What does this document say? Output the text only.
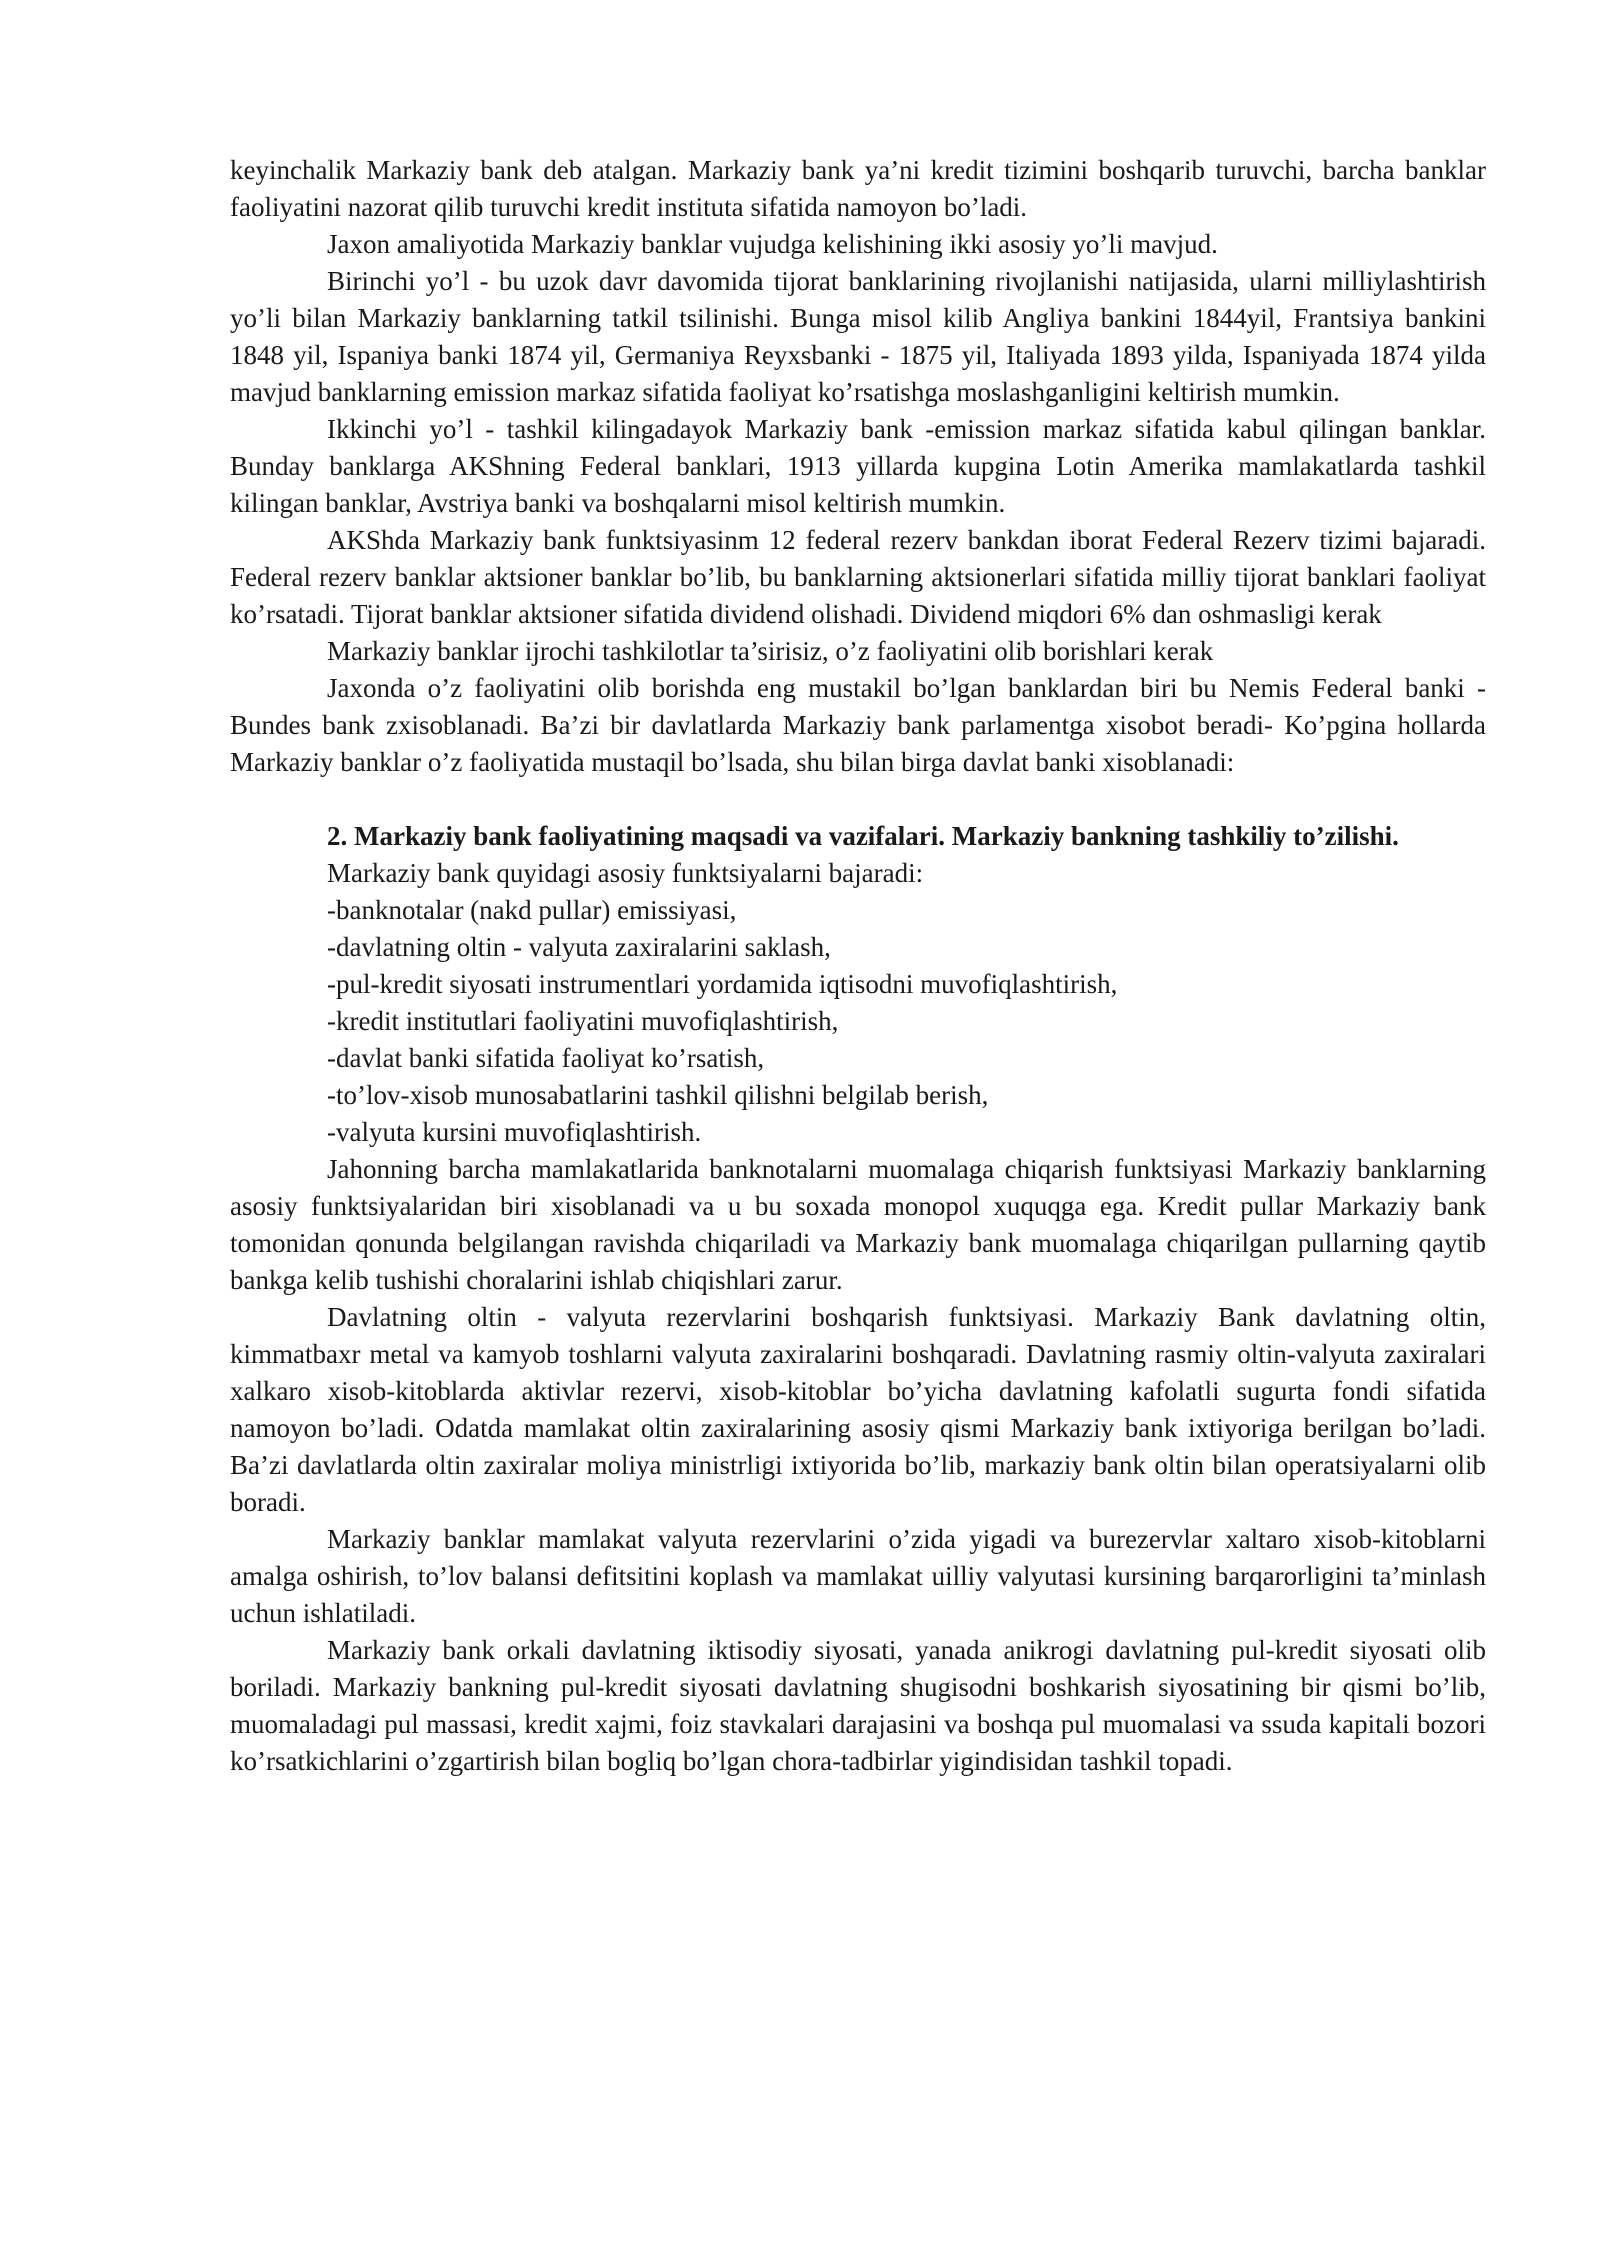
keyinchalik Markaziy bank deb atalgan. Markaziy bank ya’ni kredit tizimini boshqarib turuvchi, barcha banklar faoliyatini nazorat qilib turuvchi kredit instituta sifatida namoyon bo’ladi.

Jaxon amaliyotida Markaziy banklar vujudga kelishining ikki asosiy yo’li mavjud.

Birinchi yo’l - bu uzok davr davomida tijorat banklarining rivojlanishi natijasida, ularni milliylashtirish yo’li bilan Markaziy banklarning tatkil tsilinishi. Bunga misol kilib Angliya bankini 1844yil, Frantsiya bankini 1848 yil, Ispaniya banki 1874 yil, Germaniya Reyxsbanki - 1875 yil, Italiyada 1893 yilda, Ispaniyada 1874 yilda mavjud banklarning emission markaz sifatida faoliyat ko’rsatishga moslashganligini keltirish mumkin.

Ikkinchi yo’l - tashkil kilingadayok Markaziy bank -emission markaz sifatida kabul qilingan banklar. Bunday banklarga AKShning Federal banklari, 1913 yillarda kupgina Lotin Amerika mamlakatlarda tashkil kilingan banklar, Avstriya banki va boshqalarni misol keltirish mumkin.

AKShda Markaziy bank funktsiyasinm 12 federal rezerv bankdan iborat Federal Rezerv tizimi bajaradi. Federal rezerv banklar aktsioner banklar bo’lib, bu banklarning aktsionerlari sifatida milliy tijorat banklari faoliyat ko’rsatadi. Tijorat banklar aktsioner sifatida dividend olishadi. Dividend miqdori 6% dan oshmasligi kerak

Markaziy banklar ijrochi tashkilotlar ta’sirisiz, o’z faoliyatini olib borishlari kerak

Jaxonda o’z faoliyatini olib borishda eng mustakil bo’lgan banklardan biri bu Nemis Federal banki - Bundes bank zxisoblanadi. Ba’zi bir davlatlarda Markaziy bank parlamentga xisobot beradi- Ko’pgina hollarda Markaziy banklar o’z faoliyatida mustaqil bo’lsada, shu bilan birga davlat banki xisoblanadi:

2. Markaziy bank faoliyatining maqsadi va vazifalari. Markaziy bankning tashkiliy to’zilishi.

Markaziy bank quyidagi asosiy funktsiyalarni bajaradi:

-banknotalar (nakd pullar) emissiyasi,
-davlatning oltin - valyuta zaxiralarini saklash,
-pul-kredit siyosati instrumentlari yordamida iqtisodni muvofiqlashtirish,
-kredit institutlari faoliyatini muvofiqlashtirish,
-davlat banki sifatida faoliyat ko’rsatish,
-to’lov-xisob munosabatlarini tashkil qilishni belgilab berish,
-valyuta kursini muvofiqlashtirish.

Jahonning barcha mamlakatlarida banknotalarni muomalaga chiqarish funktsiyasi Markaziy banklarning asosiy funktsiyalaridan biri xisoblanadi va u bu soxada monopol xuquqga ega. Kredit pullar Markaziy bank tomonidan qonunda belgilangan ravishda chiqariladi va Markaziy bank muomalaga chiqarilgan pullarning qaytib bankga kelib tushishi choralarini ishlab chiqishlari zarur.

Davlatning oltin - valyuta rezervlarini boshqarish funktsiyasi. Markaziy Bank davlatning oltin, kimmatbaxr metal va kamyob toshlarni valyuta zaxiralarini boshqaradi. Davlatning rasmiy oltin-valyuta zaxiralari xalkaro xisob-kitoblarda aktivlar rezervi, xisob-kitoblar bo’yicha davlatning kafolatli sugurta fondi sifatida namoyon bo’ladi. Odatda mamlakat oltin zaxiralarining asosiy qismi Markaziy bank ixtiyoriga berilgan bo’ladi. Ba’zi davlatlarda oltin zaxiralar moliya ministrligi ixtiyorida bo’lib, markaziy bank oltin bilan operatsiyalarni olib boradi.

Markaziy banklar mamlakat valyuta rezervlarini o’zida yigadi va burezervlar xaltaro xisob-kitoblarni amalga oshirish, to’lov balansi defitsitini koplash va mamlakat uilliy valyutasi kursining barqarorligini ta’minlash uchun ishlatiladi.

Markaziy bank orkali davlatning iktisodiy siyosati, yanada anikrogi davlatning pul-kredit siyosati olib boriladi. Markaziy bankning pul-kredit siyosati davlatning shugisodni boshkarish siyosatining bir qismi bo’lib, muomaladagi pul massasi, kredit xajmi, foiz stavkalari darajasini va boshqa pul muomalasi va ssuda kapitali bozori ko’rsatkichlarini o’zgartirish bilan bogliq bo’lgan chora-tadbirlar yigindisidan tashkil topadi.
